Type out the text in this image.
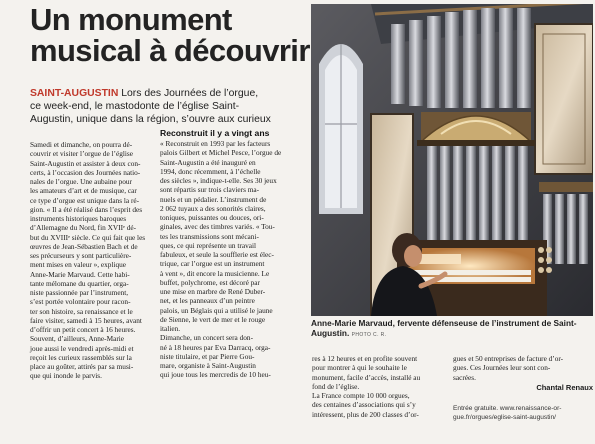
Un monument
musical à découvrir
SAINT-AUGUSTIN Lors des Journées de l’orgue,
ce week-end, le mastodonte de l’église Saint-
Augustin, unique dans la région, s’ouvre aux curieux
Samedi et dimanche, on pourra dé-
couvrir et visiter l’orgue de l’église
Saint-Augustin et assister à deux con-
certs, à l’occasion des Journées natio-
nales de l’orgue. Une aubaine pour
les amateurs d’art et de musique, car
ce type d’orgue est unique dans la ré-
gion. « Il a été réalisé dans l’esprit des
instruments historiques baroques
d’Allemagne du Nord, fin XVIIᵉ dé-
but du XVIIIᵉ siècle. Ce qui fait que les
œuvres de Jean-Sébastien Bach et de
ses précurseurs y sont particulière-
ment mises en valeur », explique
Anne-Marie Marvaud. Cette habi-
tante mélomane du quartier, orga-
niste passionnée par l’instrument,
s’est portée volontaire pour racon-
ter son histoire, sa renaissance et le
faire visiter, samedi à 15 heures, avant
d’offrir un petit concert à 16 heures.
Souvent, d’ailleurs, Anne-Marie
joue aussi le vendredi après-midi et
reçoit les curieux rassemblés sur la
place au goûter, attirés par sa musi-
que qui inonde le parvis.
Reconstruit il y a vingt ans
« Reconstruit en 1993 par les facteurs
palois Gilbert et Michel Pesce, l’orgue de
Saint-Augustin a été inauguré en
1994, donc récemment, à l’échelle
des siècles », indique-t-elle. Ses 30 jeux
sont répartis sur trois claviers ma-
nuels et un pédalier. L’instrument de
2 062 tuyaux a des sonorités claires,
toniques, puissantes ou douces, ori-
ginales, avec des timbres variés. « Tou-
tes les transmissions sont mécani-
ques, ce qui représente un travail
fabuleux, et seule la soufflerie est élec-
trique, car l’orgue est un instrument
à vent », dit encore la musicienne. Le
buffet, polychrome, est décoré par
une mise en marbre de René Duber-
net, et les panneaux d’un peintre
palois, un Béglais qui a utilisé le jaune
de Sienne, le vert de mer et le rouge
italien.
Dimanche, un concert sera don-
né à 18 heures par Eva Darracq, orga-
niste titulaire, et par Pierre Gou-
mare, organiste à Saint-Augustin
qui joue tous les mercredis de 10 heu-
res à 12 heures et en profite souvent
pour montrer à qui le souhaite le
monument, facile d’accès, installé au
fond de l’église.
La France compte 10 000 orgues,
des centaines d’associations qui s’y
intéressent, plus de 200 classes d’or-
gues et 50 entreprises de facture d’or-
gues. Ces Journées leur sont con-
sacrées.
Chantal Renaux
Anne-Marie Marvaud, fervente défenseuse de l’instrument de Saint-Augustin. PHOTO C. R.
Entrée gratuite. www.renaissance-or-
gue.fr/orgues/eglise-saint-augustin/
